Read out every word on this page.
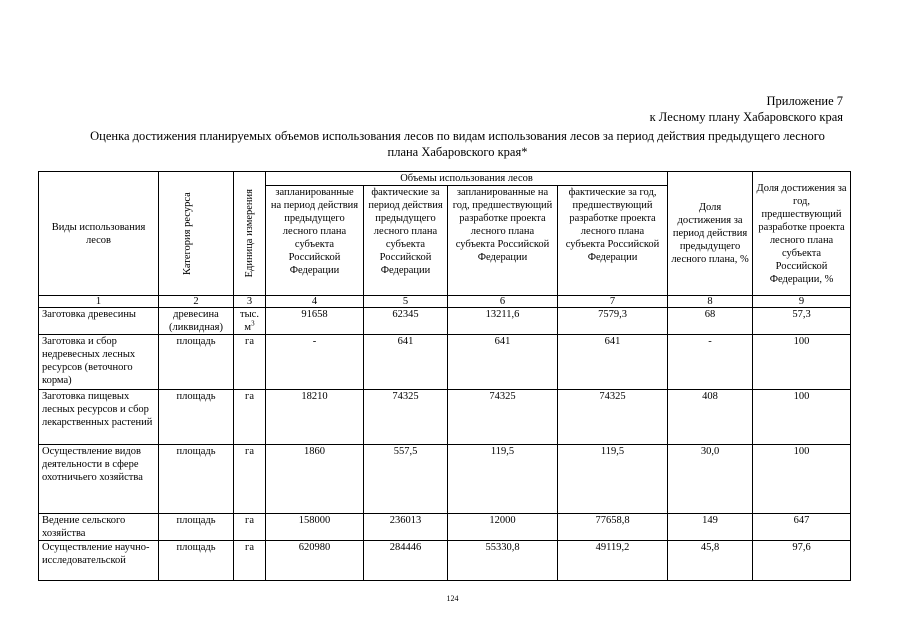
Приложение 7
к Лесному плану Хабаровского края
Оценка достижения планируемых объемов использования лесов по видам использования лесов за период действия предыдущего лесного
плана Хабаровского края*
Виды использования лесов	Категория ресурса	Единица измерения	Объемы использования лесов				Доля достижения за период действия предыдущего лесного плана, %	Доля достижения за год, предшествующий разработке проекта лесного плана субъекта Российской Федерации, %
			запланированные на период действия предыдущего лесного плана субъекта Российской Федерации	фактические за период действия предыдущего лесного плана субъекта Российской Федерации	запланированные на год, предшествующий разработке проекта лесного плана субъекта Российской Федерации	фактические за год, предшествующий разработке проекта лесного плана субъекта Российской Федерации		
1	2	3	4	5	6	7	8	9
Заготовка древесины	древесина (ликвидная)	тыс. $м^3$	91658	62345	13211,6	7579,3	68	57,3
Заготовка и сбор недревесных лесных ресурсов (веточного корма)	площадь	га	-	641	641	641	-	100
Заготовка пищевых лесных ресурсов и сбор лекарственных растений	площадь	га	18210	74325	74325	74325	408	100
Осуществление видов деятельности в сфере охотничьего хозяйства	площадь	га	1860	557,5	119,5	119,5	30,0	100
Ведение сельского хозяйства	площадь	га	158000	236013	12000	77658,8	149	647
Осуществление научно-исследовательской	площадь	га	620980	284446	55330,8	49119,2	45,8	97,6
124
